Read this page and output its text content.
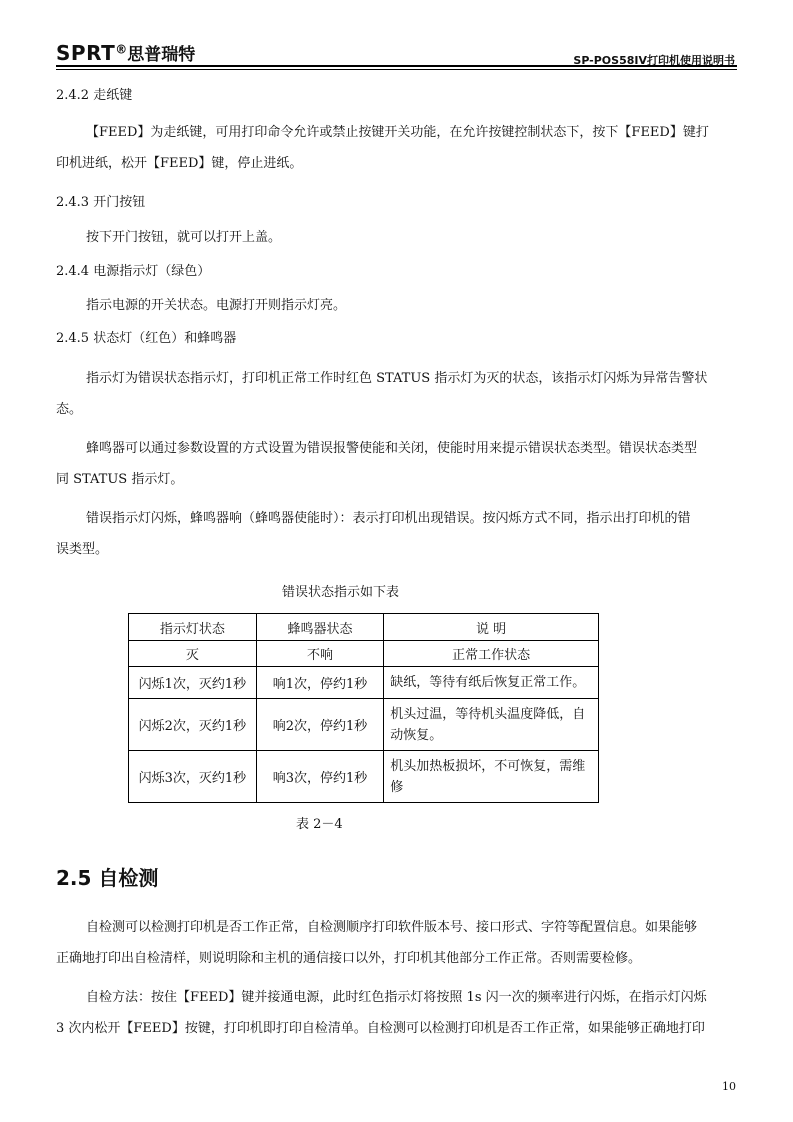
SPRT®思普瑞特	SP-POS58IV打印机使用说明书
2.4.2 走纸键
【FEED】为走纸键，可用打印命令允许或禁止按键开关功能，在允许按键控制状态下，按下【FEED】键打
印机进纸，松开【FEED】键，停止进纸。
2.4.3 开门按钮
按下开门按钮，就可以打开上盖。
2.4.4 电源指示灯（绿色）
指示电源的开关状态。电源打开则指示灯亮。
2.4.5 状态灯（红色）和蜂鸣器
指示灯为错误状态指示灯，打印机正常工作时红色 STATUS 指示灯为灭的状态，该指示灯闪烁为异常告警状
态。
蜂鸣器可以通过参数设置的方式设置为错误报警使能和关闭，使能时用来提示错误状态类型。错误状态类型
同 STATUS 指示灯。
错误指示灯闪烁，蜂鸣器响（蜂鸣器使能时）：表示打印机出现错误。按闪烁方式不同，指示出打印机的错
误类型。
错误状态指示如下表
指示灯状态	蜂鸣器状态	说 明
灭	不响	正常工作状态
闪烁1次，灭约1秒	响1次，停约1秒	缺纸，等待有纸后恢复正常工作。
闪烁2次，灭约1秒	响2次，停约1秒	机头过温，等待机头温度降低，自动恢复。
闪烁3次，灭约1秒	响3次，停约1秒	机头加热板损坏，不可恢复，需维修
表 2－4
2.5 自检测
自检测可以检测打印机是否工作正常，自检测顺序打印软件版本号、接口形式、字符等配置信息。如果能够
正确地打印出自检清样，则说明除和主机的通信接口以外，打印机其他部分工作正常。否则需要检修。
自检方法：按住【FEED】键并接通电源，此时红色指示灯将按照 1s 闪一次的频率进行闪烁，在指示灯闪烁
3 次内松开【FEED】按键，打印机即打印自检清单。自检测可以检测打印机是否工作正常，如果能够正确地打印
10
